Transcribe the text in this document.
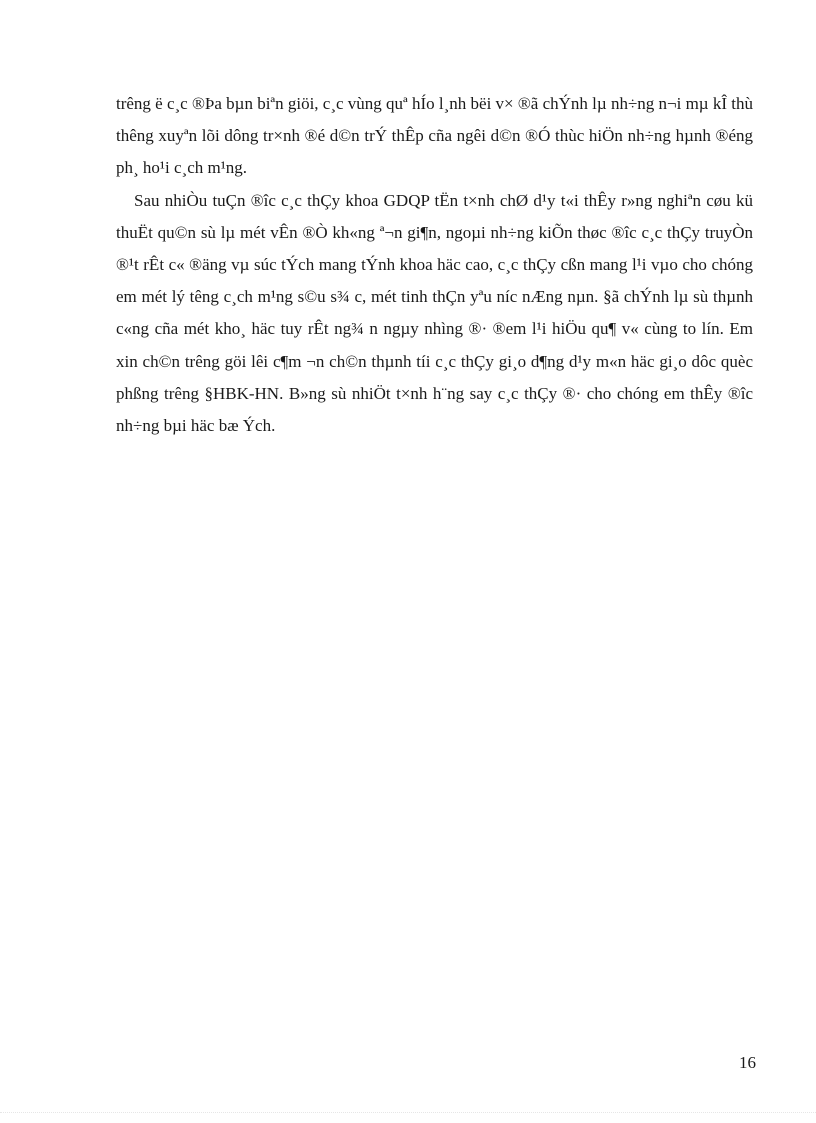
trêng ë c¸c ®Þa bµn biªn giöi, c¸c vùng quª hÍo l¸nh bëi v× ®ã chÝnh lµ nh÷ng n¬i mµ kÎ thù thêng xuyªn lõi dông tr×nh ®é d©n trÝ thÊp cña ngêi d©n ®Ó thùc hiÖn nh÷ng hµnh ®éng ph¸ ho¹i c¸ch m¹ng.

Sau nhiÒu tuÇn ®îc c¸c thÇy khoa GDQP tËn t×nh chØ d¹y t«i thÊy r»ng nghiªn cøu kü thuËt qu©n sù lµ mét vÊn ®Ò kh«ng ª¬n gi¶n, ngoµi nh÷ng kiÕn thøc ®îc c¸c thÇy truyÒn ®¹t rÊt c« ®äng vµ súc tÝch mang tÝnh khoa häc cao, c¸c thÇy cßn mang l¹i vµo cho chóng em mét lý têng c¸ch m¹ng s©u s¾ c, mét tinh thÇn yªu níc nÆng nµn. §ã chÝnh lµ sù thµnh c«ng cña mét kho¸ häc tuy rÊt ng¾ n ngµy nhìng ®· ®em l¹i hiÖu qu¶ v« cùng to lín. Em xin ch©n trêng göi lêi c¶m ¬n ch©n thµnh tíi c¸c thÇy gi¸o d¶ng d¹y m«n häc gi¸o dôc quèc phßng trêng §HBK-HN. B»ng sù nhiÖt t×nh h¨ng say c¸c thÇy ®· cho chóng em thÊy ®îc nh÷ng bµi häc bæ Ých.

16
